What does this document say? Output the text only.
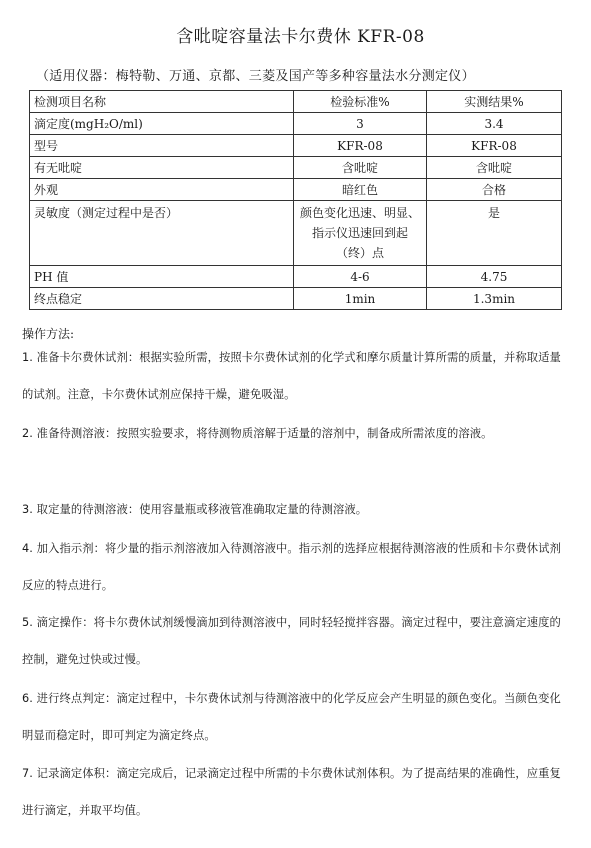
含吡啶容量法卡尔费休 KFR-08
（适用仪器：梅特勒、万通、京都、三菱及国产等多种容量法水分测定仪）
检测项目名称	检验标准%	实测结果%
滴定度(mgH₂O/ml)	3	3.4
型号	KFR-08	KFR-08
有无吡啶	含吡啶	含吡啶
外观	暗红色	合格
灵敏度（测定过程中是否）	颜色变化迅速、明显、指示仪迅速回到起（终）点	是
PH 值	4-6	4.75
终点稳定	1min	1.3min
操作方法:
1. 准备卡尔费休试剂：根据实验所需，按照卡尔费休试剂的化学式和摩尔质量计算所需的质量，并称取适量的试剂。注意，卡尔费休试剂应保持干燥，避免吸湿。
2. 准备待测溶液：按照实验要求，将待测物质溶解于适量的溶剂中，制备成所需浓度的溶液。
3. 取定量的待测溶液：使用容量瓶或移液管准确取定量的待测溶液。
4. 加入指示剂：将少量的指示剂溶液加入待测溶液中。指示剂的选择应根据待测溶液的性质和卡尔费休试剂反应的特点进行。
5. 滴定操作：将卡尔费休试剂缓慢滴加到待测溶液中，同时轻轻搅拌容器。滴定过程中，要注意滴定速度的控制，避免过快或过慢。
6. 进行终点判定：滴定过程中，卡尔费休试剂与待测溶液中的化学反应会产生明显的颜色变化。当颜色变化明显而稳定时，即可判定为滴定终点。
7. 记录滴定体积：滴定完成后，记录滴定过程中所需的卡尔费休试剂体积。为了提高结果的准确性，应重复进行滴定，并取平均值。
